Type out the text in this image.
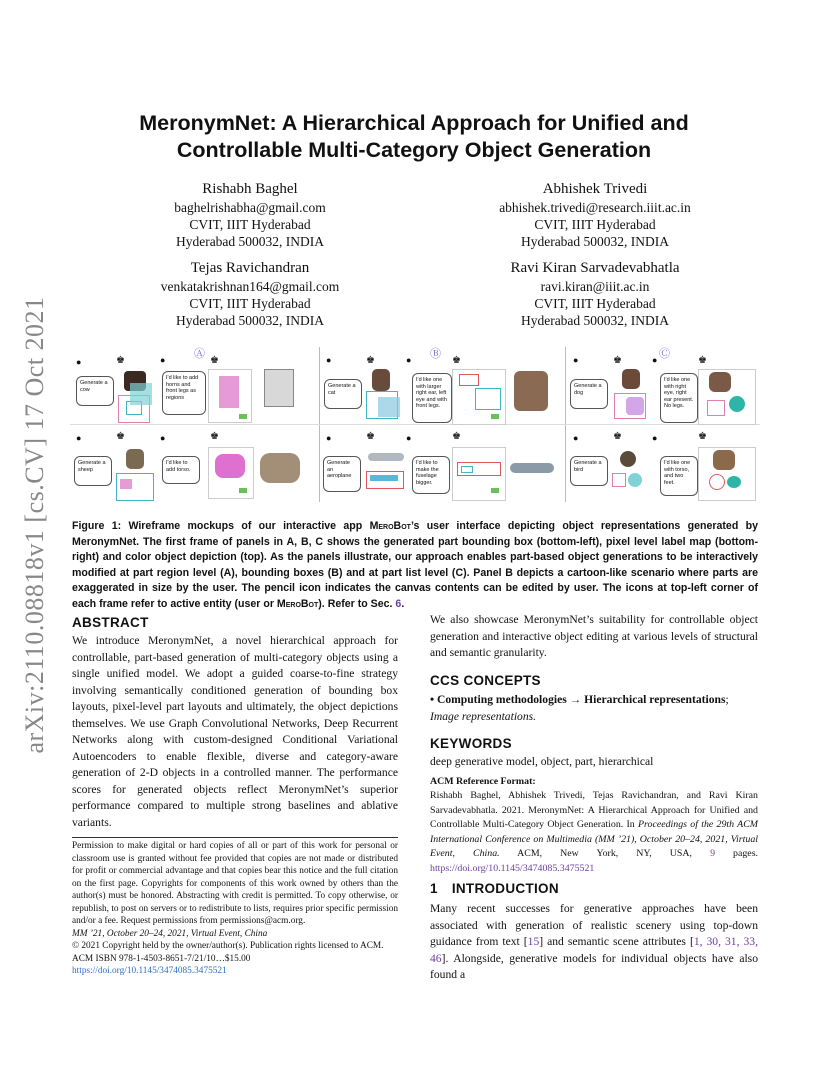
MeronymNet: A Hierarchical Approach for Unified and
Controllable Multi-Category Object Generation
Rishabh Baghel
baghelrishabha@gmail.com
CVIT, IIIT Hyderabad
Hyderabad 500032, INDIA
Abhishek Trivedi
abhishek.trivedi@research.iiit.ac.in
CVIT, IIIT Hyderabad
Hyderabad 500032, INDIA
Tejas Ravichandran
venkatakrishnan164@gmail.com
CVIT, IIIT Hyderabad
Hyderabad 500032, INDIA
Ravi Kiran Sarvadevabhatla
ravi.kiran@iiit.ac.in
CVIT, IIIT Hyderabad
Hyderabad 500032, INDIA
arXiv:2110.08818v1 [cs.CV] 17 Oct 2021	Ⓐ	Ⓑ	Ⓒ
●	♚	●	♚
Generate a cow
I'd like to add horns and front legs as regions
●	♚	●	♚
Generate a cat
I'd like one with larger right ear, left eye and with front legs.
●	♚	●	♚
Generate a dog
I'd like one with right eye, right ear present. No legs.
●	♚	●	♚
Generate a sheep
I'd like to add torso.
●	♚	●	♚
Generate an aeroplane
I'd like to make the fuselage bigger.
●	♚	●	♚
Generate a bird
I'd like one with torso, and two feet.
Figure 1: Wireframe mockups of our interactive app MeroBot’s user interface depicting object representations generated by MeronymNet. The first frame of panels in A, B, C shows the generated part bounding box (bottom-left), pixel level label map (bottom-right) and color object depiction (top). As the panels illustrate, our approach enables part-based object generations to be interactively modified at part region level (A), bounding boxes (B) and at part list level (C). Panel B depicts a cartoon-like scenario where parts are exaggerated in size by the user. The pencil icon indicates the canvas contents can be edited by user. The icons at top-left corner of each frame refer to active entity (user or MeroBot). Refer to Sec. 6.
ABSTRACT
We introduce MeronymNet, a novel hierarchical approach for controllable, part-based generation of multi-category objects using a single unified model. We adopt a guided coarse-to-fine strategy involving semantically conditioned generation of bounding box layouts, pixel-level part layouts and ultimately, the object depictions themselves. We use Graph Convolutional Networks, Deep Recurrent Networks along with custom-designed Conditional Variational Autoencoders to enable flexible, diverse and category-aware generation of 2-D objects in a controlled manner. The performance scores for generated objects reflect MeronymNet’s superior performance compared to multiple strong baselines and ablative variants.
Permission to make digital or hard copies of all or part of this work for personal or classroom use is granted without fee provided that copies are not made or distributed for profit or commercial advantage and that copies bear this notice and the full citation on the first page. Copyrights for components of this work owned by others than the author(s) must be honored. Abstracting with credit is permitted. To copy otherwise, or republish, to post on servers or to redistribute to lists, requires prior specific permission and/or a fee. Request permissions from permissions@acm.org.
MM ’21, October 20–24, 2021, Virtual Event, China
© 2021 Copyright held by the owner/author(s). Publication rights licensed to ACM.
ACM ISBN 978-1-4503-8651-7/21/10…$15.00
https://doi.org/10.1145/3474085.3475521
We also showcase MeronymNet’s suitability for controllable object generation and interactive object editing at various levels of structural and semantic granularity.
CCS CONCEPTS
• Computing methodologies → Hierarchical representations;
Image representations.
KEYWORDS
deep generative model, object, part, hierarchical
ACM Reference Format:
Rishabh Baghel, Abhishek Trivedi, Tejas Ravichandran, and Ravi Kiran Sarvadevabhatla. 2021. MeronymNet: A Hierarchical Approach for Unified and Controllable Multi-Category Object Generation. In Proceedings of the 29th ACM International Conference on Multimedia (MM ’21), October 20–24, 2021, Virtual Event, China. ACM, New York, NY, USA, 9 pages. https://doi.org/10.1145/3474085.3475521
1 INTRODUCTION
Many recent successes for generative approaches have been associated with generation of realistic scenery using top-down guidance from text [15] and semantic scene attributes [1, 30, 31, 33, 46]. Alongside, generative models for individual objects have also found a
